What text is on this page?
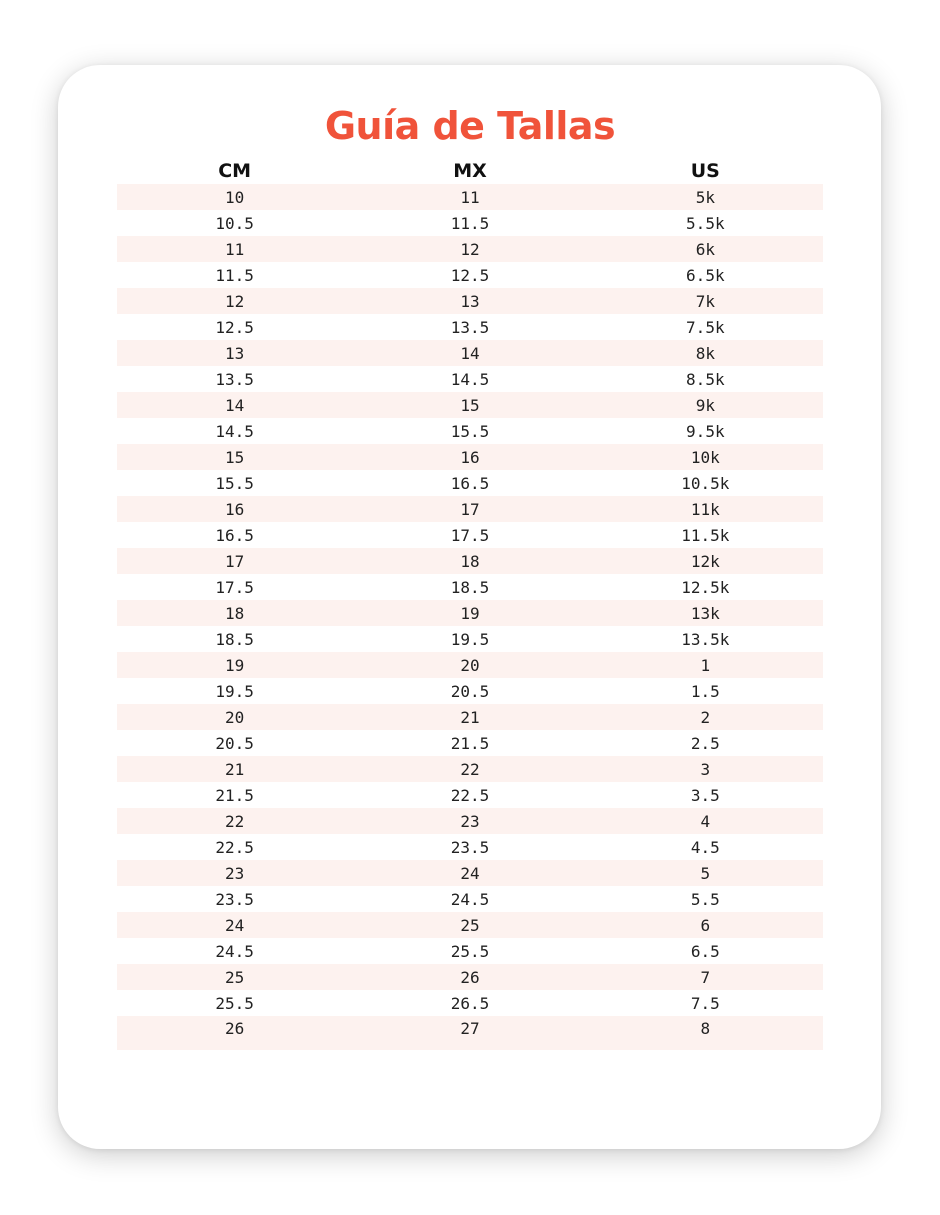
Guía de Tallas
CM	MX	US
10	11	5k
10.5	11.5	5.5k
11	12	6k
11.5	12.5	6.5k
12	13	7k
12.5	13.5	7.5k
13	14	8k
13.5	14.5	8.5k
14	15	9k
14.5	15.5	9.5k
15	16	10k
15.5	16.5	10.5k
16	17	11k
16.5	17.5	11.5k
17	18	12k
17.5	18.5	12.5k
18	19	13k
18.5	19.5	13.5k
19	20	1
19.5	20.5	1.5
20	21	2
20.5	21.5	2.5
21	22	3
21.5	22.5	3.5
22	23	4
22.5	23.5	4.5
23	24	5
23.5	24.5	5.5
24	25	6
24.5	25.5	6.5
25	26	7
25.5	26.5	7.5
26	27	8
